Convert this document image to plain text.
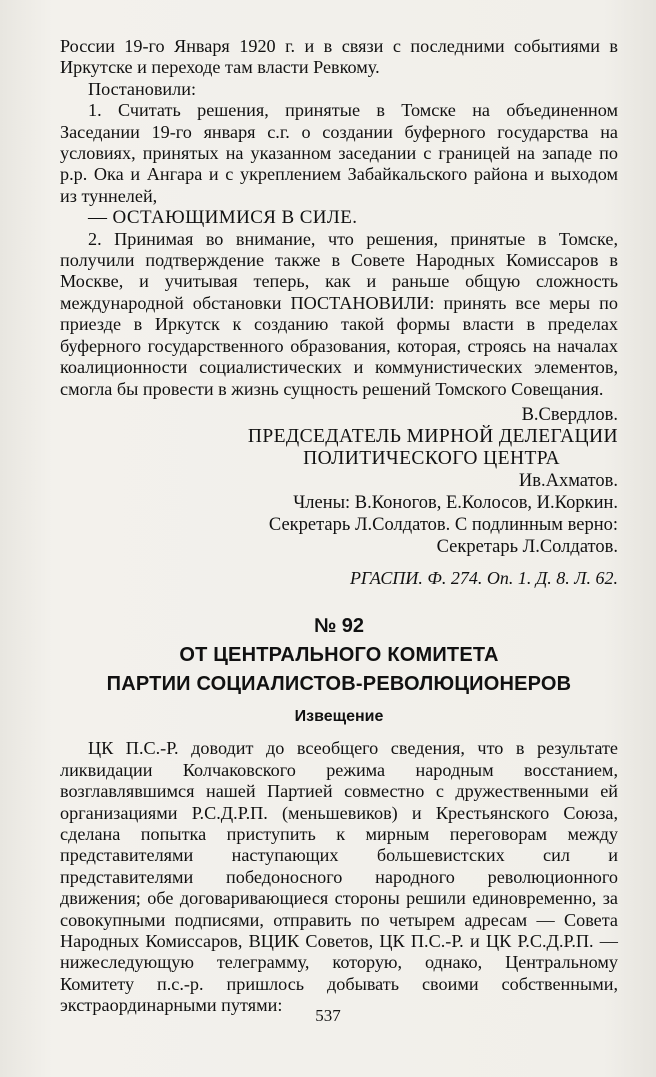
России 19-го Января 1920 г. и в связи с последними событиями в Иркутске и переходе там власти Ревкому.

Постановили:

1. Считать решения, принятые в Томске на объединенном Заседании 19-го января с.г. о создании буферного государства на условиях, принятых на указанном заседании с границей на западе по р.р. Ока и Ангара и с укреплением Забайкальского района и выходом из туннелей,

— ОСТАЮЩИМИСЯ В СИЛЕ.

2. Принимая во внимание, что решения, принятые в Томске, получили подтверждение также в Совете Народных Комиссаров в Москве, и учитывая теперь, как и раньше общую сложность международной обстановки ПОСТАНОВИЛИ: принять все меры по приезде в Иркутск к созданию такой формы власти в пределах буферного государственного образования, которая, строясь на началах коалиционности социалистических и коммунистических элементов, смогла бы провести в жизнь сущность решений Томского Совещания.

В.Свердлов.

ПРЕДСЕДАТЕЛЬ МИРНОЙ ДЕЛЕГАЦИИ

ПОЛИТИЧЕСКОГО ЦЕНТРА

Ив.Ахматов.

Члены: В.Коногов, Е.Колосов, И.Коркин.

Секретарь Л.Солдатов. С подлинным верно:

Секретарь Л.Солдатов.

РГАСПИ. Ф. 274. Оп. 1. Д. 8. Л. 62.

№ 92
ОТ ЦЕНТРАЛЬНОГО КОМИТЕТА
ПАРТИИ СОЦИАЛИСТОВ-РЕВОЛЮЦИОНЕРОВ
Извещение

ЦК П.С.-Р. доводит до всеобщего сведения, что в результате ликвидации Колчаковского режима народным восстанием, возглавлявшимся нашей Партией совместно с дружественными ей организациями Р.С.Д.Р.П. (меньшевиков) и Крестьянского Союза, сделана попытка приступить к мирным переговорам между представителями наступающих большевистских сил и представителями победоносного народного революционного движения; обе договаривающиеся стороны решили единовременно, за совокупными подписями, отправить по четырем адресам — Совета Народных Комиссаров, ВЦИК Советов, ЦК П.С.-Р. и ЦК Р.С.Д.Р.П. — нижеследующую телеграмму, которую, однако, Центральному Комитету п.с.-р. пришлось добывать своими собственными, экстраординарными путями:

537
